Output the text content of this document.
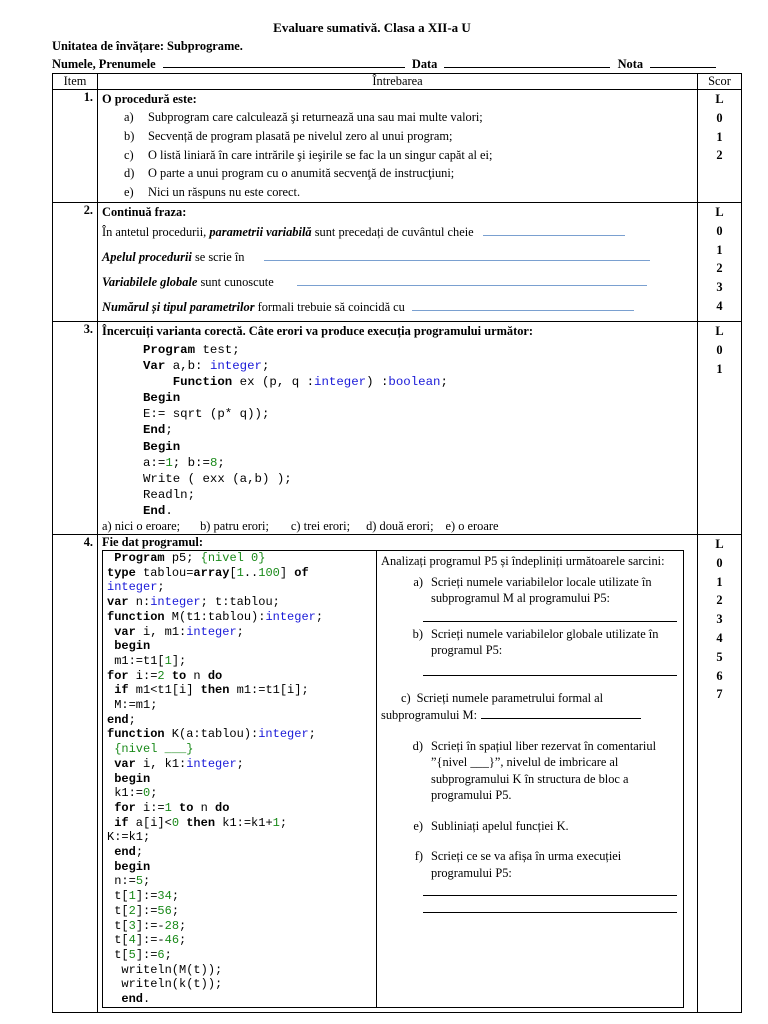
Evaluare sumativă. Clasa a XII-a U
Unitatea de învățare: Subprograme.
Numele, Prenumele	Data	Nota
Item	Întrebarea	Scor
1.	O procedură este:
a) Subprogram care calculează şi returnează una sau mai multe valori;
b) Secvență de program plasată pe nivelul zero al unui program;
c) O listă liniară în care intrările şi ieşirile se fac la un singur capăt al ei;
d) O parte a unui program cu o anumită secvenţă de instrucţiuni;
e) Nici un răspuns nu este corect.

L
0
1
2

2.	Continuă fraza:
În antetul procedurii, parametrii variabilă sunt precedați de cuvântul cheie
Apelul procedurii se scrie în
Variabilele globale sunt cunoscute
Numărul și tipul parametrilor formali trebuie să coincidă cu

L
0
1
2
3
4

3.	Încercuiți varianta corectă. Câte erori va produce execuția programului următor:
Program test;
Var a,b: integer;
Function ex (p, q :integer) :boolean;
Begin
E:= sqrt (p* q));
End;
Begin
a:=1; b:=8;
Write ( exx (a,b) );
Readln;
End.
a) nici o eroare; b) patru erori; c) trei erori; d) două erori; e) o eroare

L
0
1

4.	Fie dat programul:
Program p5; {nivel 0}
type tablou=array[1..100] of
integer;
var n:integer; t:tablou;
function M(t1:tablou):integer;
var i, m1:integer;
begin
m1:=t1[1];
for i:=2 to n do
if m1<t1[i] then m1:=t1[i];
M:=m1;
end;
function K(a:tablou):integer;
{nivel ___}
var i, k1:integer;
begin
k1:=0;
for i:=1 to n do
if a[i]<0 then k1:=k1+1;
K:=k1;
end;
begin
n:=5;
t[1]:=34;
t[2]:=56;
t[3]:=-28;
t[4]:=-46;
t[5]:=6;
writeln(M(t));
writeln(k(t));
end.

Analizați programul P5 și îndepliniți următoarele sarcini:
a) Scrieți numele variabilelor locale utilizate în subprogramul M al programului P5:
b) Scrieți numele variabilelor globale utilizate în programul P5:
c) Scrieți numele parametrului formal al subprogramului M:
d) Scrieți în spațiul liber rezervat în comentariul ”{nivel ___}”, nivelul de imbricare al subprogramului K în structura de bloc a programului P5.
e) Subliniați apelul funcției K.
f) Scrieți ce se va afișa în urma execuției programului P5:

L
0
1
2
3
4
5
6
7
